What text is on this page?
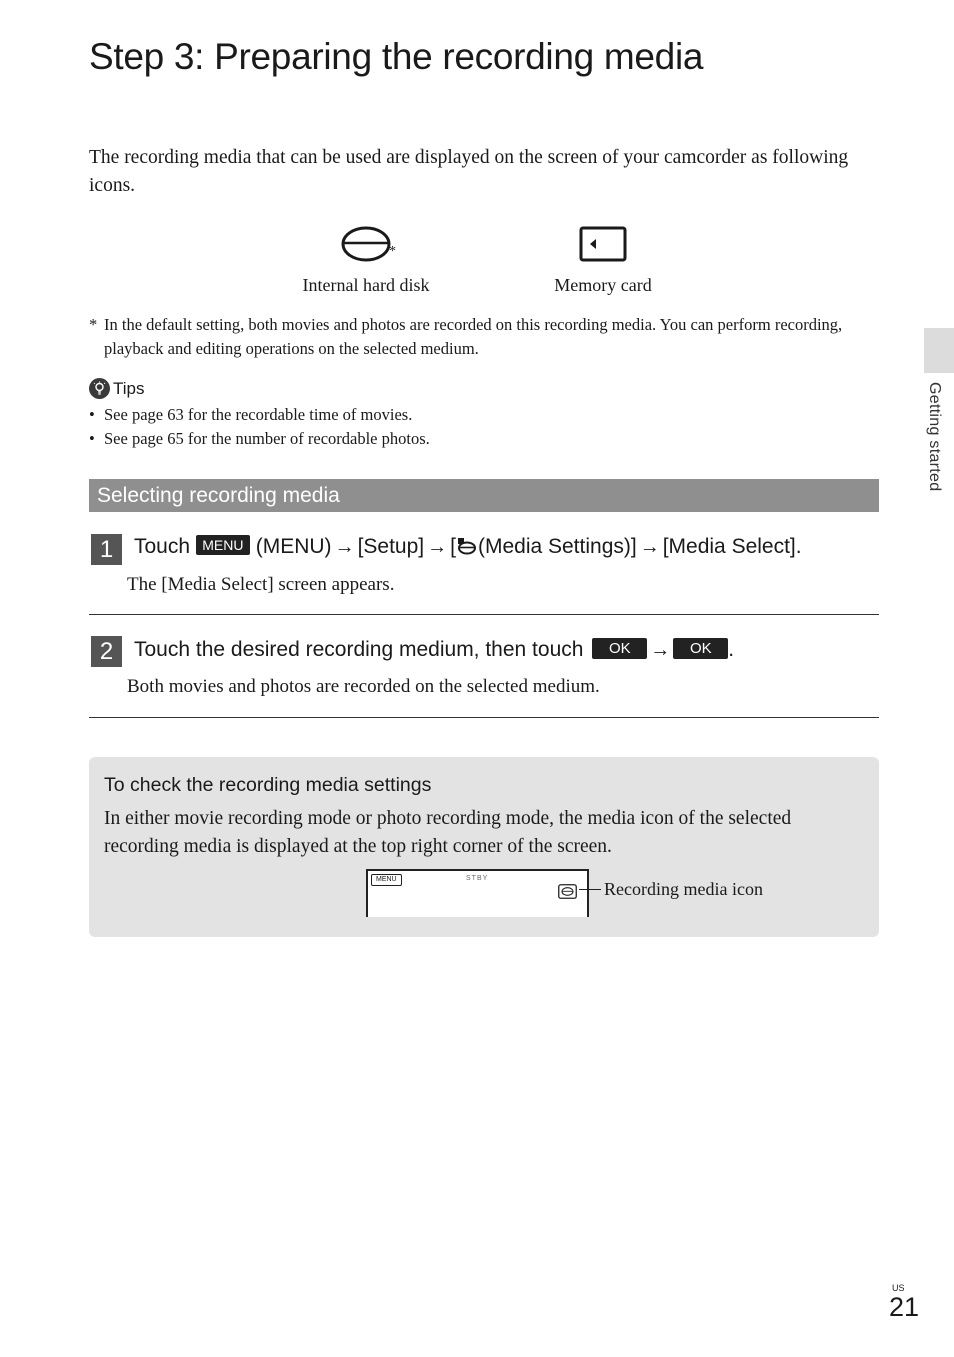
Step 3: Preparing the recording media

The recording media that can be used are displayed on the screen of your camcorder as following icons.

Internal hard disk
*
Memory card
* In the default setting, both movies and photos are recorded on this recording media. You can perform recording, playback and editing operations on the selected medium.
Tips
• See page 63 for the recordable time of movies.
• See page 65 for the number of recordable photos.
Selecting recording media
1 Touch MENU (MENU) → [Setup] → [ (Media Settings)] → [Media Select].
The [Media Select] screen appears.
2 Touch the desired recording medium, then touch OK → OK .
Both movies and photos are recorded on the selected medium.
To check the recording media settings
In either movie recording mode or photo recording mode, the media icon of the selected recording media is displayed at the top right corner of the screen.
MENU	STBY
Recording media icon
Getting started
US
21
